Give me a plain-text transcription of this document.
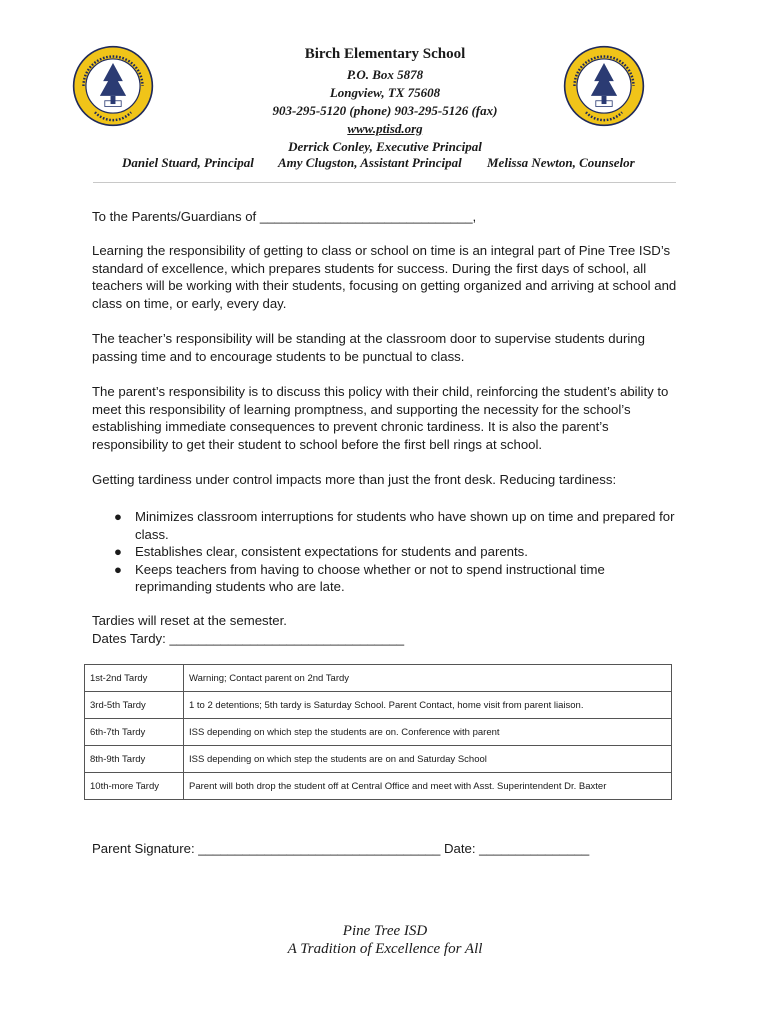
Birch Elementary School
P.O. Box 5878
Longview, TX 75608
903-295-5120 (phone) 903-295-5126 (fax)
www.ptisd.org
Derrick Conley, Executive Principal
Daniel Stuard, Principal Amy Clugston, Assistant Principal Melissa Newton, Counselor
To the Parents/Guardians of _____________________________,
Learning the responsibility of getting to class or school on time is an integral part of Pine Tree ISD’s standard of excellence, which prepares students for success. During the first days of school, all teachers will be working with their students, focusing on getting organized and arriving at school and class on time, or early, every day.
The teacher’s responsibility will be standing at the classroom door to supervise students during passing time and to encourage students to be punctual to class.
The parent’s responsibility is to discuss this policy with their child, reinforcing the student’s ability to meet this responsibility of learning promptness, and supporting the necessity for the school’s establishing immediate consequences to prevent chronic tardiness. It is also the parent’s responsibility to get their student to school before the first bell rings at school.
Getting tardiness under control impacts more than just the front desk. Reducing tardiness:
● Minimizes classroom interruptions for students who have shown up on time and prepared for class.
● Establishes clear, consistent expectations for students and parents.
● Keeps teachers from having to choose whether or not to spend instructional time reprimanding students who are late.
Tardies will reset at the semester.
Dates Tardy: ________________________________
1st-2nd Tardy	Warning; Contact parent on 2nd Tardy
3rd-5th Tardy	1 to 2 detentions; 5th tardy is Saturday School. Parent Contact, home visit from parent liaison.
6th-7th Tardy	ISS depending on which step the students are on. Conference with parent
8th-9th Tardy	ISS depending on which step the students are on and Saturday School
10th-more Tardy	Parent will both drop the student off at Central Office and meet with Asst. Superintendent Dr. Baxter
Parent Signature: _________________________________ Date: _______________
Pine Tree ISD
A Tradition of Excellence for All
